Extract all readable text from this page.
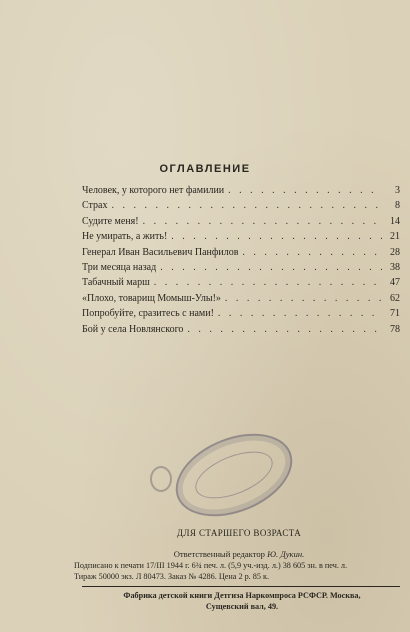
ОГЛАВЛЕНИЕ
Человек, у которого нет фамилии . . .	3
Страх . . .	8
Судите меня! . . .	14
Не умирать, а жить! . . .	21
Генерал Иван Васильевич Панфилов . . .	28
Три месяца назад . . .	38
Табачный марш . . .	47
«Плохо, товарищ Момыш-Улы!» . . .	62
Попробуйте, сразитесь с нами! . . .	71
Бой у села Новлянского . . .	78
ДЛЯ СТАРШЕГО ВОЗРАСТА
Ответственный редактор Ю. Дукин.
Подписано к печати 17/III 1944 г. 6¾ печ. л. (5,9 уч.-изд. л.) 38 605 зн. в печ. л.
Тираж 50000 экз. Л 80473. Заказ № 4286. Цена 2 р. 85 к.
Фабрика детской книги Детгиза Наркомпроса РСФСР. Москва,
Сущевский вал, 49.
